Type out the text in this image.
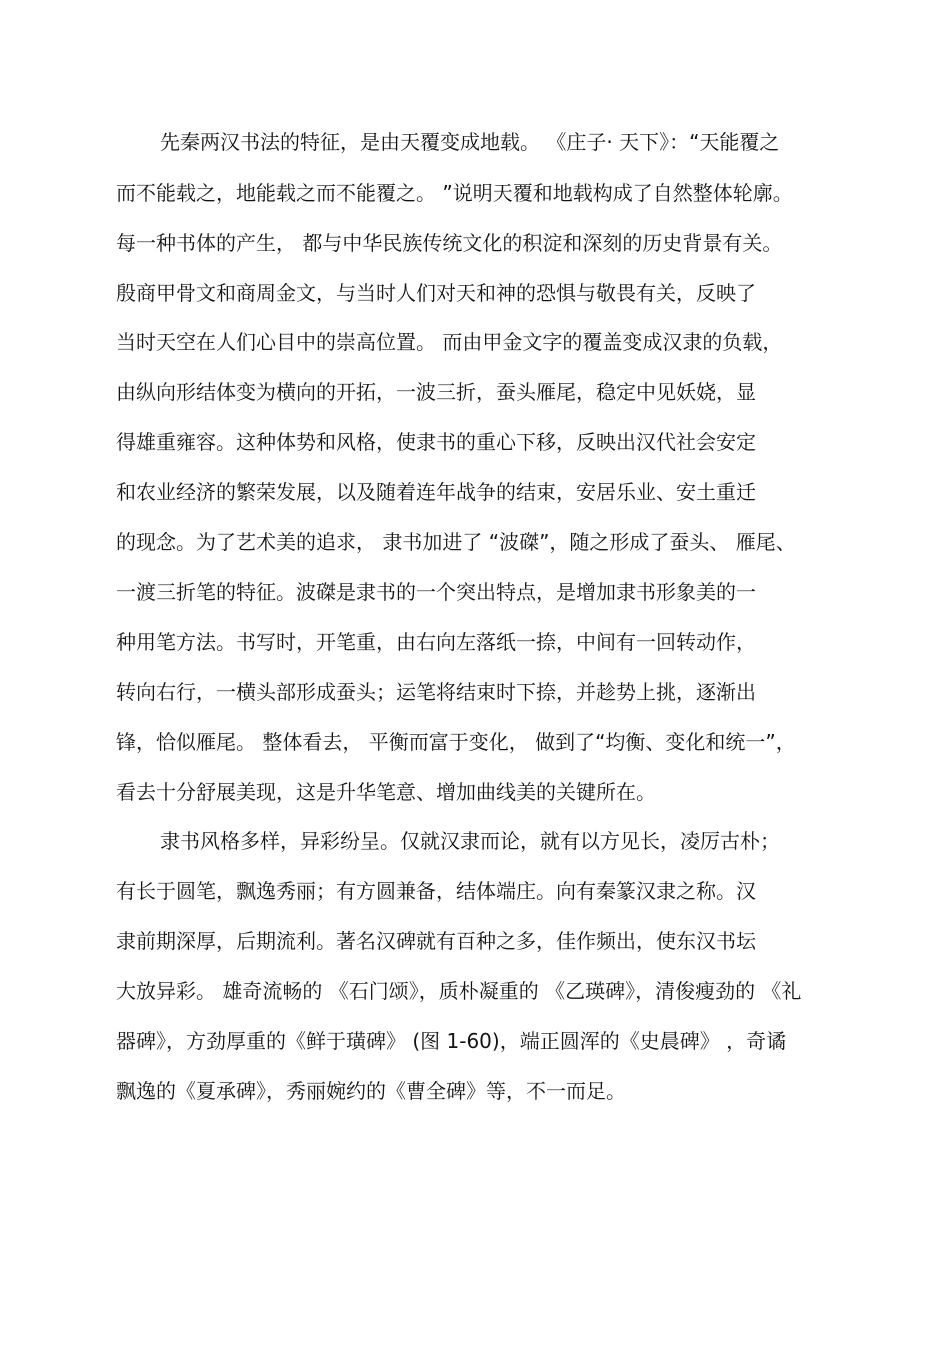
先秦两汉书法的特征，是由天覆变成地载。 《庄子· 天下》：“天能覆之
而不能载之，地能载之而不能覆之。 ”说明天覆和地载构成了自然整体轮廓。
每一种书体的产生， 都与中华民族传统文化的积淀和深刻的历史背景有关。
殷商甲骨文和商周金文，与当时人们对天和神的恐惧与敬畏有关，反映了
当时天空在人们心目中的崇高位置。 而由甲金文字的覆盖变成汉隶的负载，
由纵向形结体变为横向的开拓，一波三折，蚕头雁尾，稳定中见妖娆，显
得雄重雍容。这种体势和风格，使隶书的重心下移，反映出汉代社会安定
和农业经济的繁荣发展，以及随着连年战争的结束，安居乐业、安土重迁
的现念。为了艺术美的追求， 隶书加进了 “波磔”，随之形成了蚕头、 雁尾、
一渡三折笔的特征。波磔是隶书的一个突出特点，是增加隶书形象美的一
种用笔方法。书写时，开笔重，由右向左落纸一捺，中间有一回转动作，
转向右行，一横头部形成蚕头；运笔将结束时下捺，并趁势上挑，逐渐出
锋，恰似雁尾。 整体看去， 平衡而富于变化， 做到了“均衡、变化和统一”，
看去十分舒展美现，这是升华笔意、增加曲线美的关键所在。
隶书风格多样，异彩纷呈。仅就汉隶而论，就有以方见长，凌厉古朴；
有长于圆笔，飘逸秀丽；有方圆兼备，结体端庄。向有秦篆汉隶之称。汉
隶前期深厚，后期流利。著名汉碑就有百种之多，佳作频出，使东汉书坛
大放异彩。 雄奇流畅的 《石门颂》，质朴凝重的 《乙瑛碑》，清俊瘦劲的 《礼
器碑》，方劲厚重的《鲜于璜碑》 (图 1-60)，端正圆浑的《史晨碑》 ，奇谲
飘逸的《夏承碑》，秀丽婉约的《曹全碑》等，不一而足。
